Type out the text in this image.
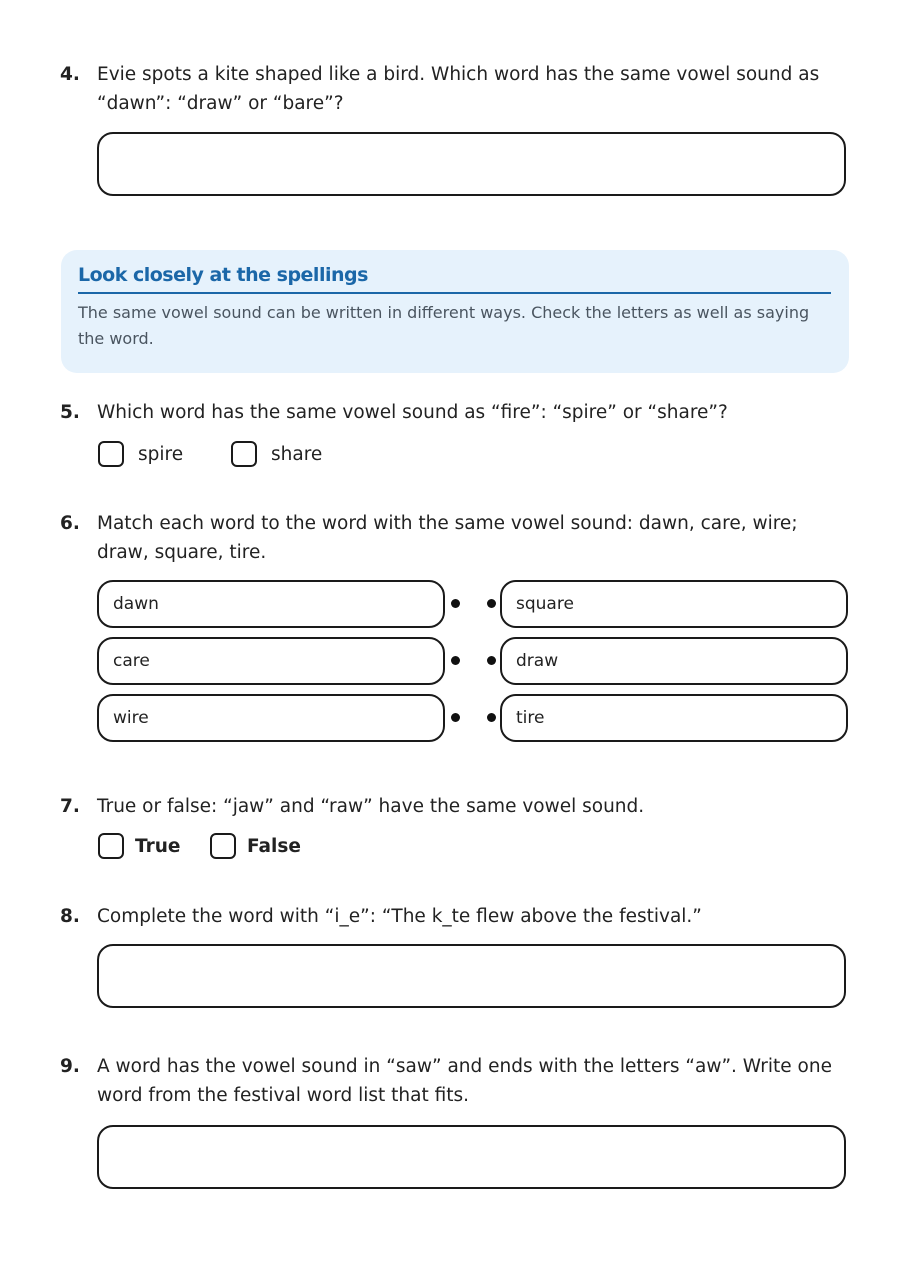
4. Evie spots a kite shaped like a bird. Which word has the same vowel sound as “dawn”: “draw” or “bare”?
Look closely at the spellings
The same vowel sound can be written in different ways. Check the letters as well as saying the word.
5. Which word has the same vowel sound as “fire”: “spire” or “share”?
spire	share
6. Match each word to the word with the same vowel sound: dawn, care, wire; draw, square, tire.
dawn
care
wire
square
draw
tire
7. True or false: “jaw” and “raw” have the same vowel sound.
True	False
8. Complete the word with “i_e”: “The k_te flew above the festival.”
9. A word has the vowel sound in “saw” and ends with the letters “aw”. Write one word from the festival word list that fits.
